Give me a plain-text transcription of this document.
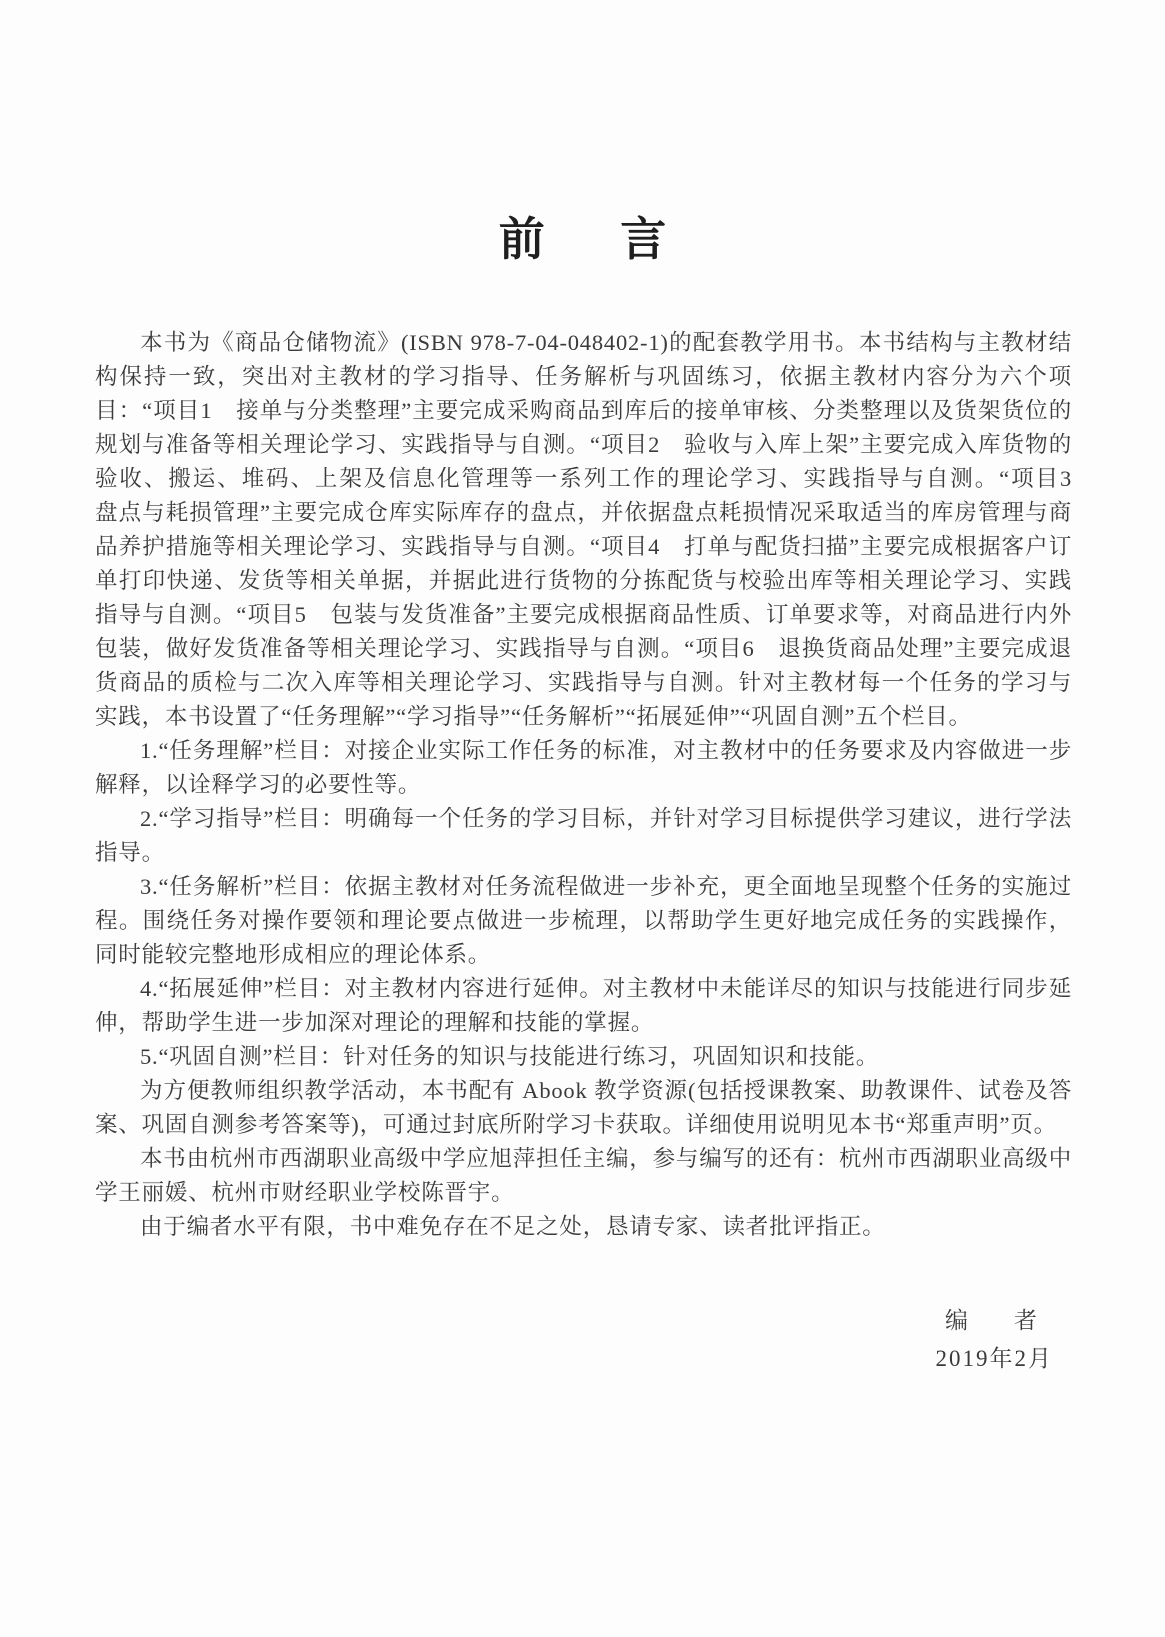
前　言

本书为《商品仓储物流》(ISBN 978-7-04-048402-1)的配套教学用书。本书结构与主教材结构保持一致，突出对主教材的学习指导、任务解析与巩固练习，依据主教材内容分为六个项目：“项目1　接单与分类整理”主要完成采购商品到库后的接单审核、分类整理以及货架货位的规划与准备等相关理论学习、实践指导与自测。“项目2　验收与入库上架”主要完成入库货物的验收、搬运、堆码、上架及信息化管理等一系列工作的理论学习、实践指导与自测。“项目3　盘点与耗损管理”主要完成仓库实际库存的盘点，并依据盘点耗损情况采取适当的库房管理与商品养护措施等相关理论学习、实践指导与自测。“项目4　打单与配货扫描”主要完成根据客户订单打印快递、发货等相关单据，并据此进行货物的分拣配货与校验出库等相关理论学习、实践指导与自测。“项目5　包装与发货准备”主要完成根据商品性质、订单要求等，对商品进行内外包装，做好发货准备等相关理论学习、实践指导与自测。“项目6　退换货商品处理”主要完成退货商品的质检与二次入库等相关理论学习、实践指导与自测。针对主教材每一个任务的学习与实践，本书设置了“任务理解”“学习指导”“任务解析”“拓展延伸”“巩固自测”五个栏目。

1.“任务理解”栏目：对接企业实际工作任务的标准，对主教材中的任务要求及内容做进一步解释，以诠释学习的必要性等。

2.“学习指导”栏目：明确每一个任务的学习目标，并针对学习目标提供学习建议，进行学法指导。

3.“任务解析”栏目：依据主教材对任务流程做进一步补充，更全面地呈现整个任务的实施过程。围绕任务对操作要领和理论要点做进一步梳理，以帮助学生更好地完成任务的实践操作，同时能较完整地形成相应的理论体系。

4.“拓展延伸”栏目：对主教材内容进行延伸。对主教材中未能详尽的知识与技能进行同步延伸，帮助学生进一步加深对理论的理解和技能的掌握。

5.“巩固自测”栏目：针对任务的知识与技能进行练习，巩固知识和技能。

为方便教师组织教学活动，本书配有 Abook 教学资源(包括授课教案、助教课件、试卷及答案、巩固自测参考答案等)，可通过封底所附学习卡获取。详细使用说明见本书“郑重声明”页。

本书由杭州市西湖职业高级中学应旭萍担任主编，参与编写的还有：杭州市西湖职业高级中学王丽媛、杭州市财经职业学校陈晋宇。

由于编者水平有限，书中难免存在不足之处，恳请专家、读者批评指正。

编　　者

2019年2月
